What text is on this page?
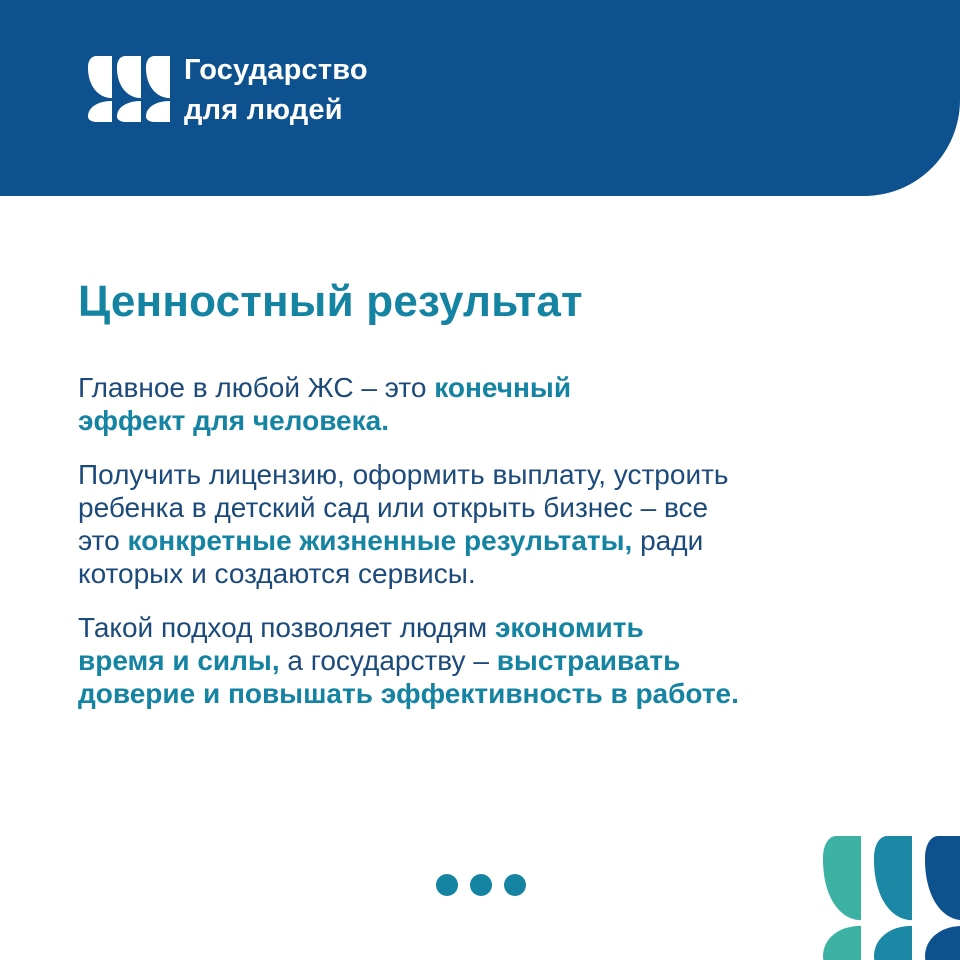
Государство
для людей
Ценностный результат

Главное в любой ЖС – это конечный
эффект для человека.

Получить лицензию, оформить выплату, устроить
ребенка в детский сад или открыть бизнес – все
это конкретные жизненные результаты, ради
которых и создаются сервисы.

Такой подход позволяет людям экономить
время и силы, а государству – выстраивать
доверие и повышать эффективность в работе.
